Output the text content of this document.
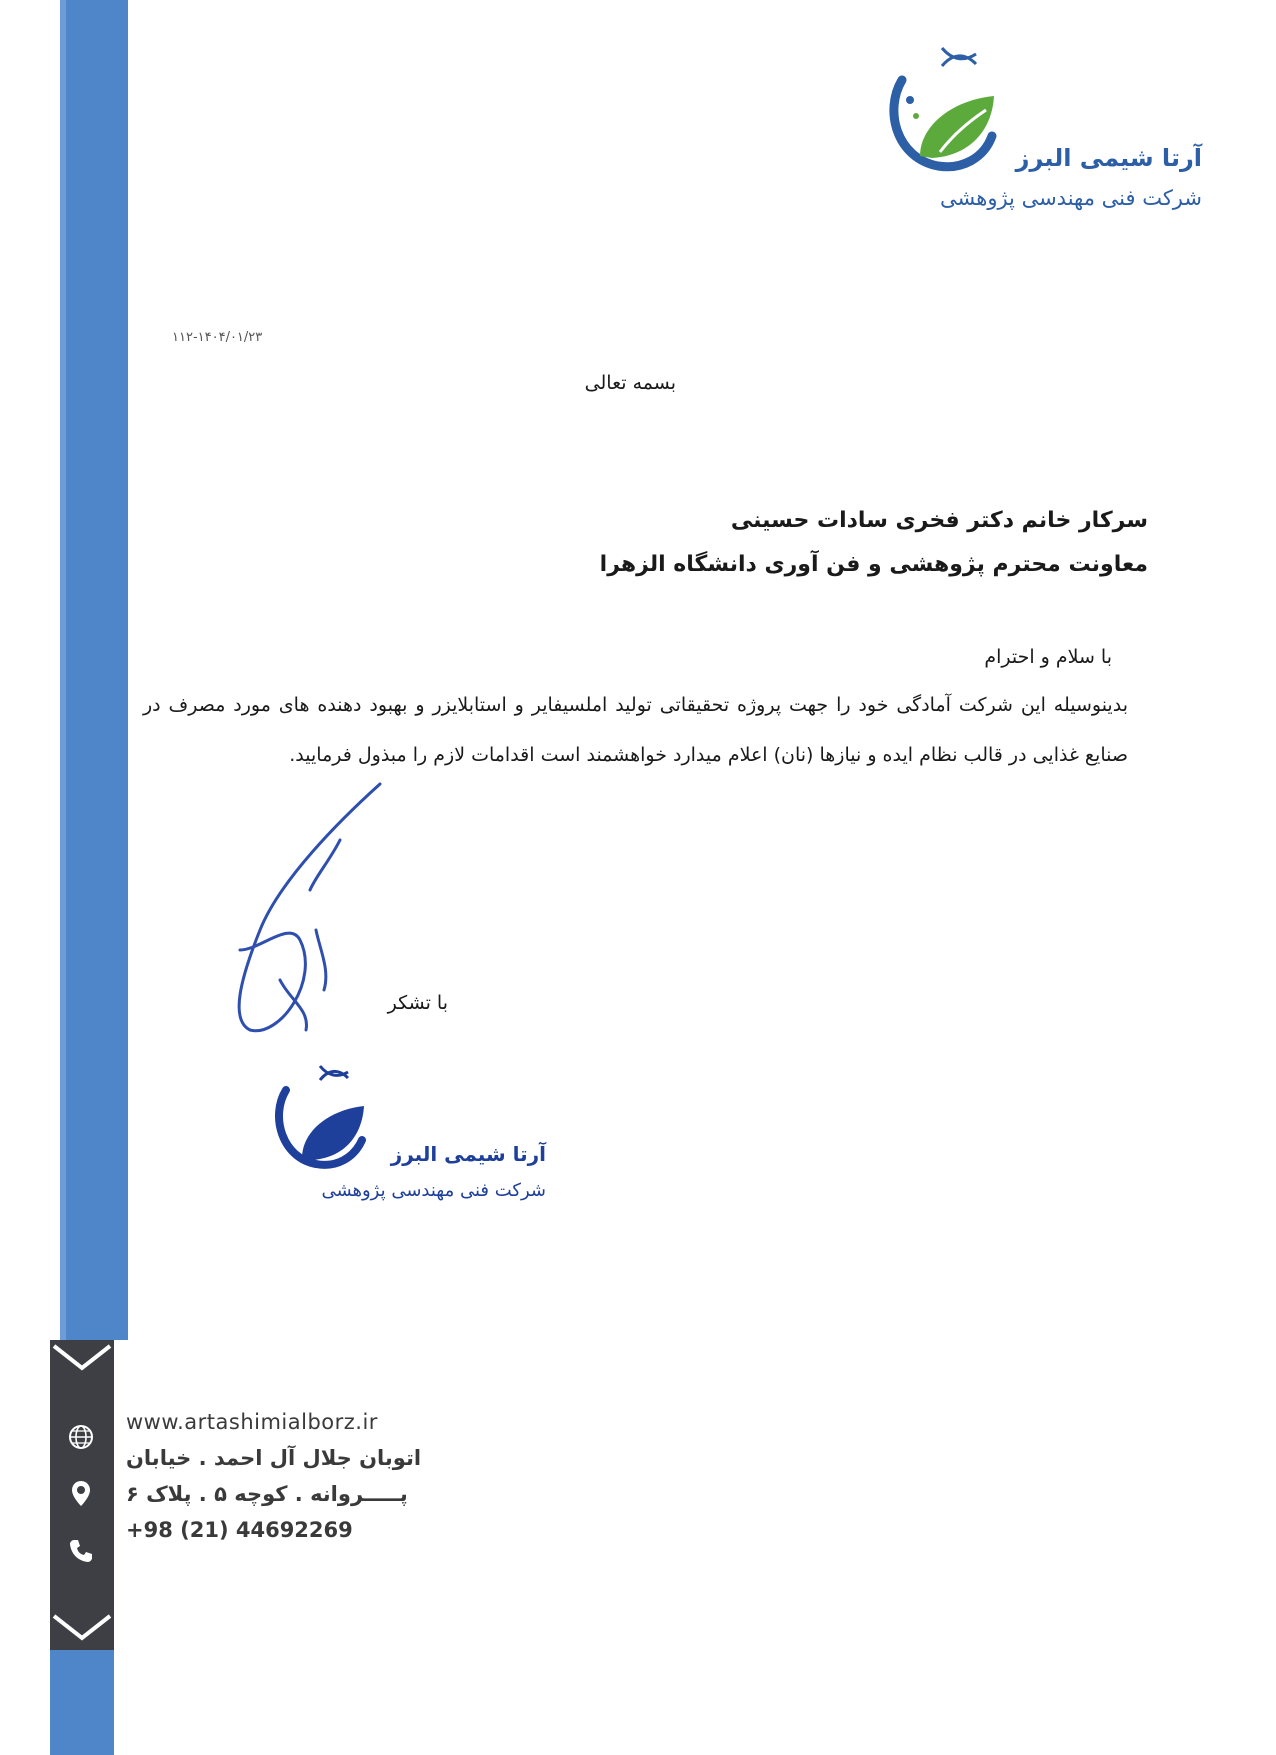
آرتا شیمی البرز
شرکت فنی مهندسی پژوهشی
۱۱۲-۱۴۰۴/۰۱/۲۳
بسمه تعالی
سرکار خانم دکتر فخری سادات حسینی
معاونت محترم پژوهشی و فن آوری دانشگاه الزهرا
با سلام و احترام
بدینوسیله این شرکت آمادگی خود را جهت پروژه تحقیقاتی تولید املسیفایر و استابلایزر و بهبود دهنده های مورد مصرف در صنایع غذایی در قالب نظام ایده و نیازها (نان) اعلام میدارد خواهشمند است اقدامات لازم را مبذول فرمایید.
با تشکر
آرتا شیمی البرز
شرکت فنی مهندسی پژوهشی
www.artashimialborz.ir
اتوبان جلال آل احمد . خیابان
پـــــروانه . کوچه ۵ . پلاک ۶
+98 (21) 44692269
